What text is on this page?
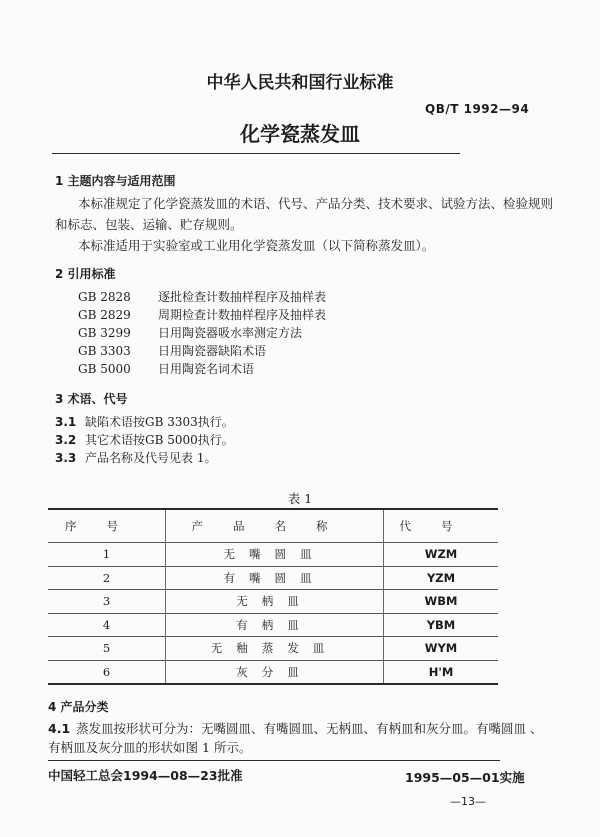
中华人民共和国行业标准
QB/T 1992—94
化学瓷蒸发皿
1 主题内容与适用范围
本标准规定了化学瓷蒸发皿的术语、代号、产品分类、技术要求、试验方法、检验规则
和标志、包装、运输、贮存规则。
本标准适用于实验室或工业用化学瓷蒸发皿（以下简称蒸发皿）。
2 引用标准
GB 2828 逐批检查计数抽样程序及抽样表
GB 2829 周期检查计数抽样程序及抽样表
GB 3299 日用陶瓷器吸水率测定方法
GB 3303 日用陶瓷器缺陷术语
GB 5000 日用陶瓷名词术语
3 术语、代号
3.1 缺陷术语按GB 3303执行。
3.2 其它术语按GB 5000执行。
3.3 产品名称及代号见表 1。
表 1
序号	产品名称	代号
1	无嘴圆皿	WZM
2	有嘴圆皿	YZM
3	无柄皿	WBM
4	有柄皿	YBM
5	无釉蒸发皿	WYM
6	灰分皿	H'M
4 产品分类
4.1 蒸发皿按形状可分为：无嘴圆皿、有嘴圆皿、无柄皿、有柄皿和灰分皿。有嘴圆皿 、
有柄皿及灰分皿的形状如图 1 所示。
中国轻工总会1994—08—23批准	1995—05—01实施
—13—
